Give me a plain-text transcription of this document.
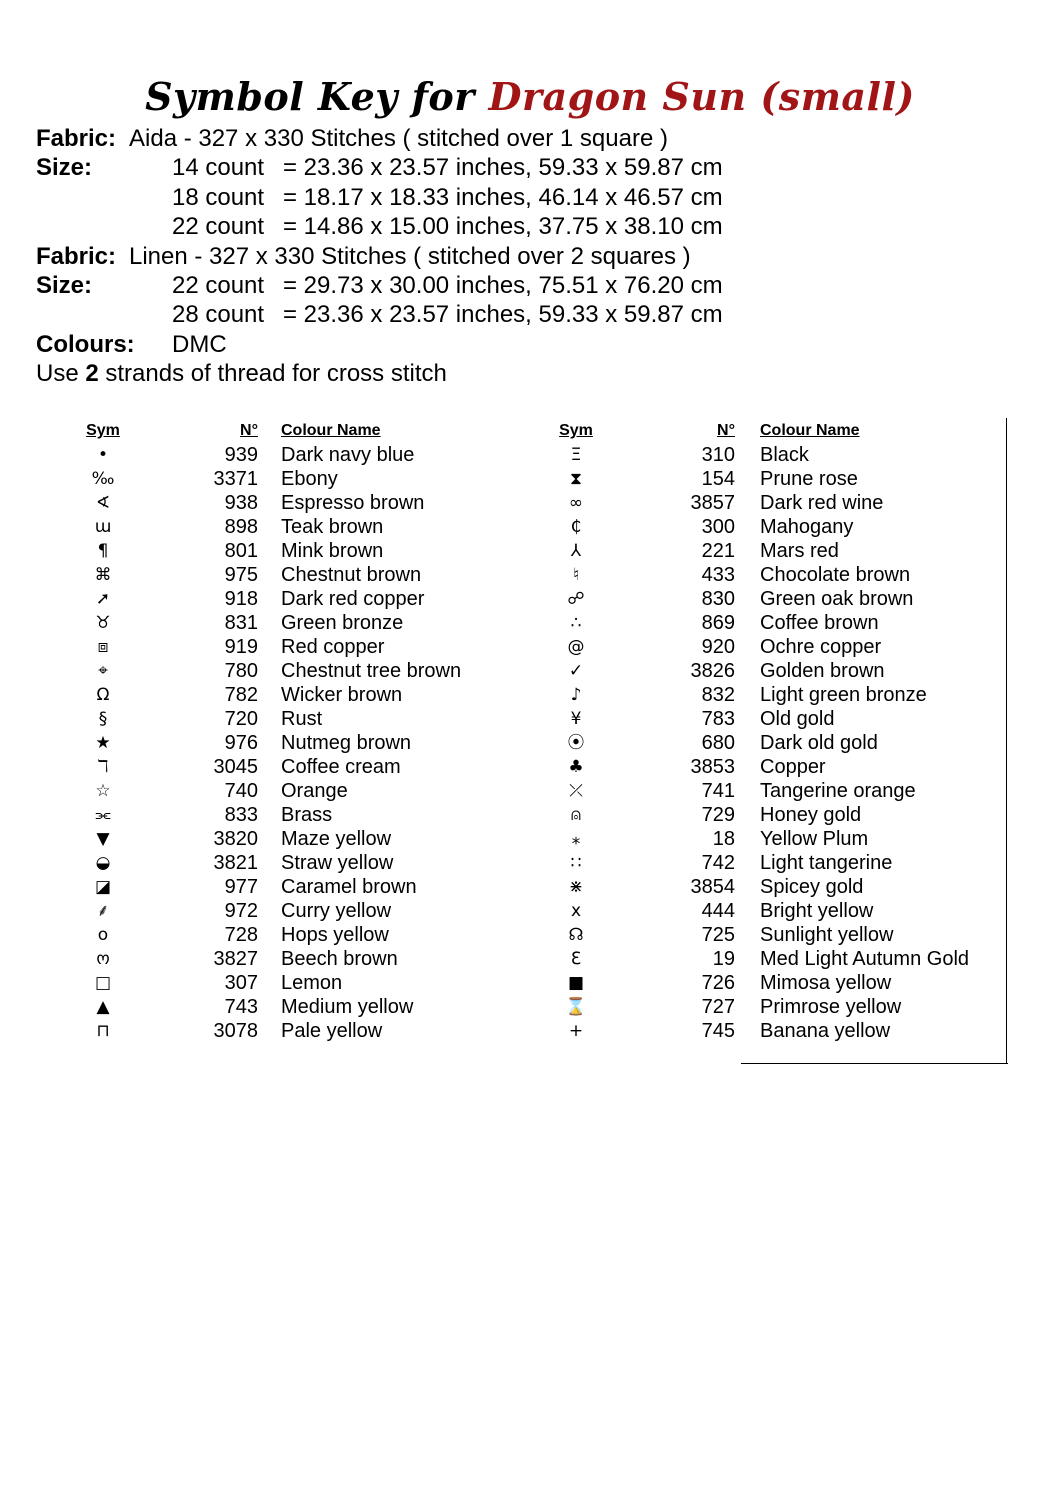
Symbol Key for Dragon Sun (small)
Fabric: Aida - 327 x 330 Stitches ( stitched over 1 square )
Size:	14 count = 23.36 x 23.57 inches, 59.33 x 59.87 cm
18 count = 18.17 x 18.33 inches, 46.14 x 46.57 cm
22 count = 14.86 x 15.00 inches, 37.75 x 38.10 cm
Fabric: Linen - 327 x 330 Stitches ( stitched over 2 squares )
Size:	22 count = 29.73 x 30.00 inches, 75.51 x 76.20 cm
28 count = 23.36 x 23.57 inches, 59.33 x 59.87 cm
Colours: DMC
Use 2 strands of thread for cross stitch
Sym	N° Colour Name
•	939 Dark navy blue
‰	3371 Ebony
∢	938 Espresso brown
ɯ	898 Teak brown
¶	801 Mink brown
⌘	975 Chestnut brown
➚	918 Dark red copper
♉	831 Green bronze
⧈	919 Red copper
⌖	780 Chestnut tree brown
Ω	782 Wicker brown
§	720 Rust
★	976 Nutmeg brown
ℸ	3045 Coffee cream
☆	740 Orange
⫘	833 Brass
▼	3820 Maze yellow
◒	3821 Straw yellow
◪	977 Caramel brown
⸙	972 Curry yellow
o	728 Hops yellow
ო	3827 Beech brown
□	307 Lemon
▲	743 Medium yellow
⊓	3078 Pale yellow
Sym	N° Colour Name
Ξ	310 Black
⧗	154 Prune rose
∞	3857 Dark red wine
₵	300 Mahogany
⅄	221 Mars red
♮	433 Chocolate brown
☍	830 Green oak brown
∴	869 Coffee brown
@	920 Ochre copper
✓	3826 Golden brown
♪	832 Light green bronze
¥	783 Old gold
⦿	680 Dark old gold
♣	3853 Copper
⤫	741 Tangerine orange
⍝	729 Honey gold
⁎	18 Yellow Plum
∷	742 Light tangerine
⋇	3854 Spicey gold
x	444 Bright yellow
☊	725 Sunlight yellow
ℇ	19 Med Light Autumn Gold
■	726 Mimosa yellow
⌛	727 Primrose yellow
+	745 Banana yellow
